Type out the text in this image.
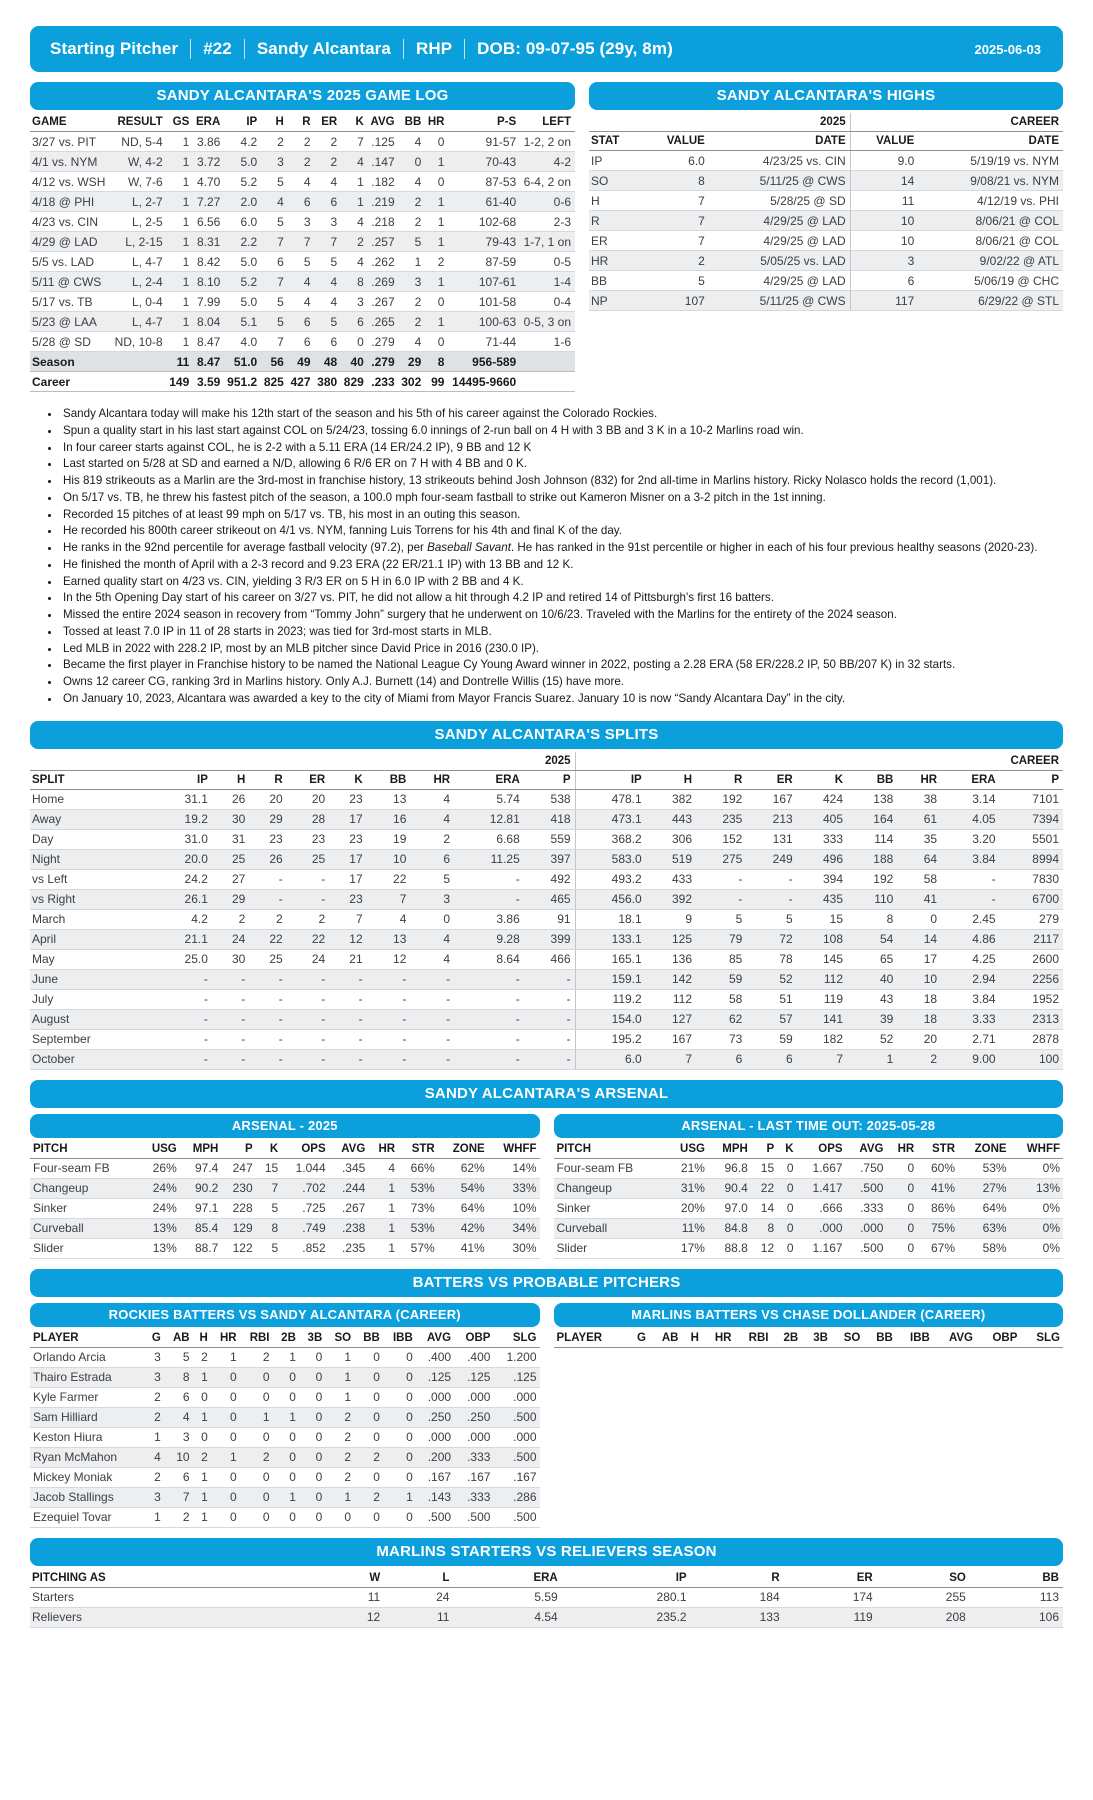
Starting Pitcher	#22	Sandy Alcantara	RHP	DOB: 09-07-95 (29y, 8m)	2025-06-03
SANDY ALCANTARA'S 2025 GAME LOG
GAME	RESULT	GS	ERA	IP	H	R	ER	K	AVG	BB	HR	P-S	LEFT
3/27 vs. PIT	ND, 5-4	1	3.86	4.2	2	2	2	7	.125	4	0	91-57	1-2, 2 on
4/1 vs. NYM	W, 4-2	1	3.72	5.0	3	2	2	4	.147	0	1	70-43	4-2
4/12 vs. WSH	W, 7-6	1	4.70	5.2	5	4	4	1	.182	4	0	87-53	6-4, 2 on
4/18 @ PHI	L, 2-7	1	7.27	2.0	4	6	6	1	.219	2	1	61-40	0-6
4/23 vs. CIN	L, 2-5	1	6.56	6.0	5	3	3	4	.218	2	1	102-68	2-3
4/29 @ LAD	L, 2-15	1	8.31	2.2	7	7	7	2	.257	5	1	79-43	1-7, 1 on
5/5 vs. LAD	L, 4-7	1	8.42	5.0	6	5	5	4	.262	1	2	87-59	0-5
5/11 @ CWS	L, 2-4	1	8.10	5.2	7	4	4	8	.269	3	1	107-61	1-4
5/17 vs. TB	L, 0-4	1	7.99	5.0	5	4	4	3	.267	2	0	101-58	0-4
5/23 @ LAA	L, 4-7	1	8.04	5.1	5	6	5	6	.265	2	1	100-63	0-5, 3 on
5/28 @ SD	ND, 10-8	1	8.47	4.0	7	6	6	0	.279	4	0	71-44	1-6
Season		11	8.47	51.0	56	49	48	40	.279	29	8	956-589	
Career		149	3.59	951.2	825	427	380	829	.233	302	99	14495-9660	
SANDY ALCANTARA'S HIGHS
	2025		CAREER	
STAT	VALUE	DATE	VALUE	DATE
IP	6.0	4/23/25 vs. CIN	9.0	5/19/19 vs. NYM
SO	8	5/11/25 @ CWS	14	9/08/21 vs. NYM
H	7	5/28/25 @ SD	11	4/12/19 vs. PHI
R	7	4/29/25 @ LAD	10	8/06/21 @ COL
ER	7	4/29/25 @ LAD	10	8/06/21 @ COL
HR	2	5/05/25 vs. LAD	3	9/02/22 @ ATL
BB	5	4/29/25 @ LAD	6	5/06/19 @ CHC
NP	107	5/11/25 @ CWS	117	6/29/22 @ STL
• Sandy Alcantara today will make his 12th start of the season and his 5th of his career against the Colorado Rockies.
• Spun a quality start in his last start against COL on 5/24/23, tossing 6.0 innings of 2-run ball on 4 H with 3 BB and 3 K in a 10-2 Marlins road win.
• In four career starts against COL, he is 2-2 with a 5.11 ERA (14 ER/24.2 IP), 9 BB and 12 K
• Last started on 5/28 at SD and earned a N/D, allowing 6 R/6 ER on 7 H with 4 BB and 0 K.
• His 819 strikeouts as a Marlin are the 3rd-most in franchise history, 13 strikeouts behind Josh Johnson (832) for 2nd all-time in Marlins history. Ricky Nolasco holds the record (1,001).
• On 5/17 vs. TB, he threw his fastest pitch of the season, a 100.0 mph four-seam fastball to strike out Kameron Misner on a 3-2 pitch in the 1st inning.
• Recorded 15 pitches of at least 99 mph on 5/17 vs. TB, his most in an outing this season.
• He recorded his 800th career strikeout on 4/1 vs. NYM, fanning Luis Torrens for his 4th and final K of the day.
• He ranks in the 92nd percentile for average fastball velocity (97.2), per Baseball Savant. He has ranked in the 91st percentile or higher in each of his four previous healthy seasons (2020-23).
• He finished the month of April with a 2-3 record and 9.23 ERA (22 ER/21.1 IP) with 13 BB and 12 K.
• Earned quality start on 4/23 vs. CIN, yielding 3 R/3 ER on 5 H in 6.0 IP with 2 BB and 4 K.
• In the 5th Opening Day start of his career on 3/27 vs. PIT, he did not allow a hit through 4.2 IP and retired 14 of Pittsburgh's first 16 batters.
• Missed the entire 2024 season in recovery from “Tommy John” surgery that he underwent on 10/6/23. Traveled with the Marlins for the entirety of the 2024 season.
• Tossed at least 7.0 IP in 11 of 28 starts in 2023; was tied for 3rd-most starts in MLB.
• Led MLB in 2022 with 228.2 IP, most by an MLB pitcher since David Price in 2016 (230.0 IP).
• Became the first player in Franchise history to be named the National League Cy Young Award winner in 2022, posting a 2.28 ERA (58 ER/228.2 IP, 50 BB/207 K) in 32 starts.
• Owns 12 career CG, ranking 3rd in Marlins history. Only A.J. Burnett (14) and Dontrelle Willis (15) have more.
• On January 10, 2023, Alcantara was awarded a key to the city of Miami from Mayor Francis Suarez. January 10 is now “Sandy Alcantara Day” in the city.
SANDY ALCANTARA'S SPLITS
	2025									CAREER								
SPLIT	IP	H	R	ER	K	BB	HR	ERA	P	IP	H	R	ER	K	BB	HR	ERA	P
Home	31.1	26	20	20	23	13	4	5.74	538	478.1	382	192	167	424	138	38	3.14	7101
Away	19.2	30	29	28	17	16	4	12.81	418	473.1	443	235	213	405	164	61	4.05	7394
Day	31.0	31	23	23	23	19	2	6.68	559	368.2	306	152	131	333	114	35	3.20	5501
Night	20.0	25	26	25	17	10	6	11.25	397	583.0	519	275	249	496	188	64	3.84	8994
vs Left	24.2	27	-	-	17	22	5	-	492	493.2	433	-	-	394	192	58	-	7830
vs Right	26.1	29	-	-	23	7	3	-	465	456.0	392	-	-	435	110	41	-	6700
March	4.2	2	2	2	7	4	0	3.86	91	18.1	9	5	5	15	8	0	2.45	279
April	21.1	24	22	22	12	13	4	9.28	399	133.1	125	79	72	108	54	14	4.86	2117
May	25.0	30	25	24	21	12	4	8.64	466	165.1	136	85	78	145	65	17	4.25	2600
June	-	-	-	-	-	-	-	-	-	159.1	142	59	52	112	40	10	2.94	2256
July	-	-	-	-	-	-	-	-	-	119.2	112	58	51	119	43	18	3.84	1952
August	-	-	-	-	-	-	-	-	-	154.0	127	62	57	141	39	18	3.33	2313
September	-	-	-	-	-	-	-	-	-	195.2	167	73	59	182	52	20	2.71	2878
October	-	-	-	-	-	-	-	-	-	6.0	7	6	6	7	1	2	9.00	100
SANDY ALCANTARA'S ARSENAL
ARSENAL - 2025
PITCH	USG	MPH	P	K	OPS	AVG	HR	STR	ZONE	WHFF
Four-seam FB	26%	97.4	247	15	1.044	.345	4	66%	62%	14%
Changeup	24%	90.2	230	7	.702	.244	1	53%	54%	33%
Sinker	24%	97.1	228	5	.725	.267	1	73%	64%	10%
Curveball	13%	85.4	129	8	.749	.238	1	53%	42%	34%
Slider	13%	88.7	122	5	.852	.235	1	57%	41%	30%
ARSENAL - LAST TIME OUT: 2025-05-28
PITCH	USG	MPH	P	K	OPS	AVG	HR	STR	ZONE	WHFF
Four-seam FB	21%	96.8	15	0	1.667	.750	0	60%	53%	0%
Changeup	31%	90.4	22	0	1.417	.500	0	41%	27%	13%
Sinker	20%	97.0	14	0	.666	.333	0	86%	64%	0%
Curveball	11%	84.8	8	0	.000	.000	0	75%	63%	0%
Slider	17%	88.8	12	0	1.167	.500	0	67%	58%	0%
BATTERS VS PROBABLE PITCHERS
ROCKIES BATTERS VS SANDY ALCANTARA (CAREER)
PLAYER	G	AB	H	HR	RBI	2B	3B	SO	BB	IBB	AVG	OBP	SLG
Orlando Arcia	3	5	2	1	2	1	0	1	0	0	.400	.400	1.200
Thairo Estrada	3	8	1	0	0	0	0	1	0	0	.125	.125	.125
Kyle Farmer	2	6	0	0	0	0	0	1	0	0	.000	.000	.000
Sam Hilliard	2	4	1	0	1	1	0	2	0	0	.250	.250	.500
Keston Hiura	1	3	0	0	0	0	0	2	0	0	.000	.000	.000
Ryan McMahon	4	10	2	1	2	0	0	2	2	0	.200	.333	.500
Mickey Moniak	2	6	1	0	0	0	0	2	0	0	.167	.167	.167
Jacob Stallings	3	7	1	0	0	1	0	1	2	1	.143	.333	.286
Ezequiel Tovar	1	2	1	0	0	0	0	0	0	0	.500	.500	.500
MARLINS BATTERS VS CHASE DOLLANDER (CAREER)
PLAYER	G	AB	H	HR	RBI	2B	3B	SO	BB	IBB	AVG	OBP	SLG
MARLINS STARTERS VS RELIEVERS SEASON
PITCHING AS	W	L	ERA	IP	R	ER	SO	BB
Starters	11	24	5.59	280.1	184	174	255	113
Relievers	12	11	4.54	235.2	133	119	208	106
